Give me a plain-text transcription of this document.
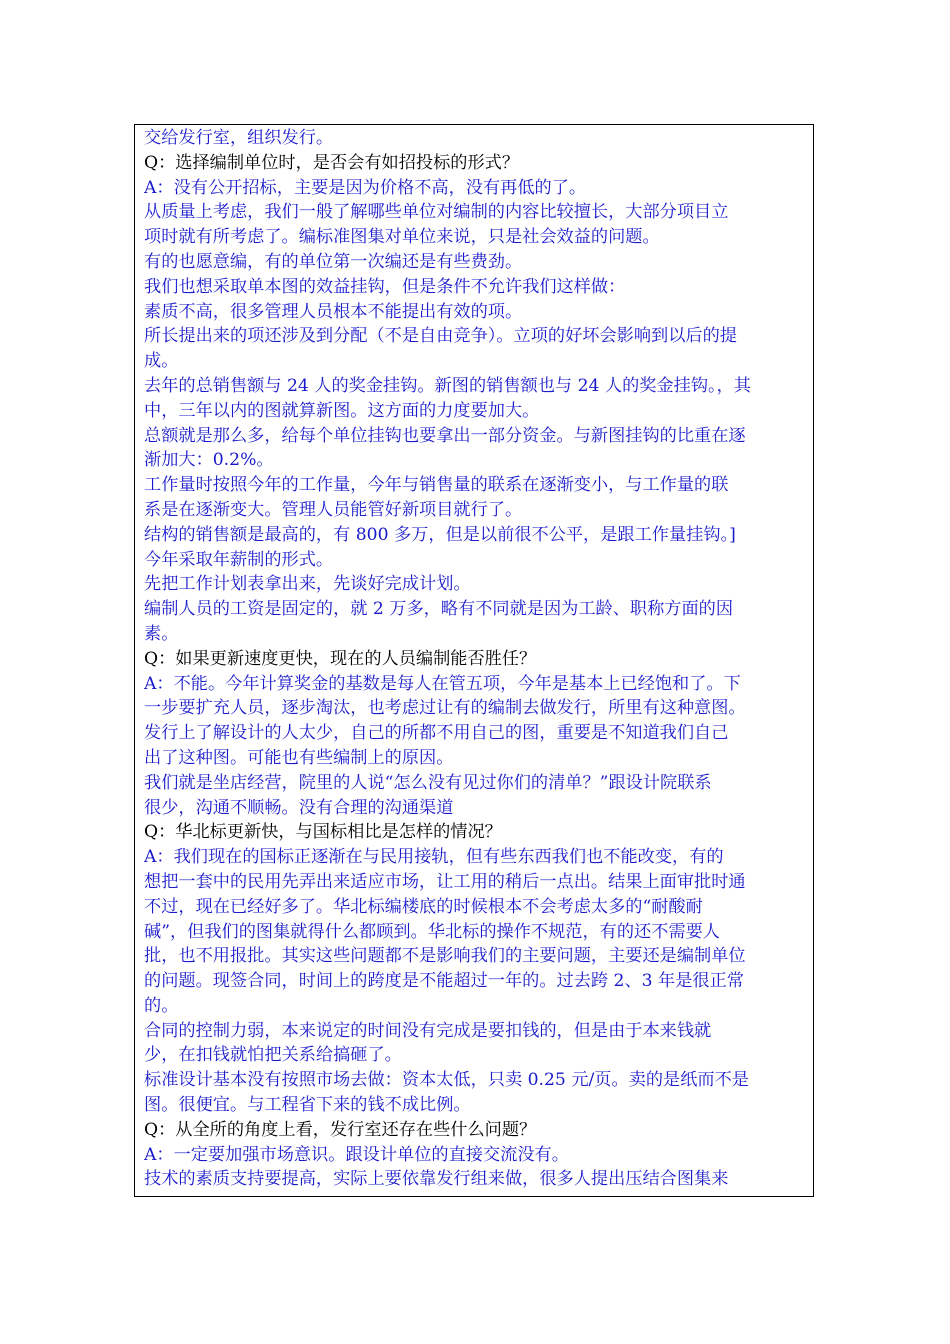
交给发行室，组织发行。
Q：选择编制单位时，是否会有如招投标的形式？
A：没有公开招标，主要是因为价格不高，没有再低的了。
从质量上考虑，我们一般了解哪些单位对编制的内容比较擅长，大部分项目立
项时就有所考虑了。编标准图集对单位来说，只是社会效益的问题。
有的也愿意编，有的单位第一次编还是有些费劲。
我们也想采取单本图的效益挂钩，但是条件不允许我们这样做：
素质不高，很多管理人员根本不能提出有效的项。
所长提出来的项还涉及到分配（不是自由竞争）。立项的好坏会影响到以后的提
成。
去年的总销售额与 24 人的奖金挂钩。新图的销售额也与 24 人的奖金挂钩。，其
中，三年以内的图就算新图。这方面的力度要加大。
总额就是那么多，给每个单位挂钩也要拿出一部分资金。与新图挂钩的比重在逐
渐加大：0.2%。
工作量时按照今年的工作量，今年与销售量的联系在逐渐变小，与工作量的联
系是在逐渐变大。管理人员能管好新项目就行了。
结构的销售额是最高的，有 800 多万，但是以前很不公平，是跟工作量挂钩。]
今年采取年薪制的形式。
先把工作计划表拿出来，先谈好完成计划。
编制人员的工资是固定的，就 2 万多，略有不同就是因为工龄、职称方面的因
素。
Q：如果更新速度更快，现在的人员编制能否胜任？
A：不能。今年计算奖金的基数是每人在管五项，今年是基本上已经饱和了。下
一步要扩充人员，逐步淘汰，也考虑过让有的编制去做发行，所里有这种意图。
发行上了解设计的人太少，自己的所都不用自己的图，重要是不知道我们自己
出了这种图。可能也有些编制上的原因。
我们就是坐店经营，院里的人说“怎么没有见过你们的清单？”跟设计院联系
很少，沟通不顺畅。没有合理的沟通渠道
Q：华北标更新快，与国标相比是怎样的情况？
A：我们现在的国标正逐渐在与民用接轨，但有些东西我们也不能改变，有的
想把一套中的民用先弄出来适应市场，让工用的稍后一点出。结果上面审批时通
不过，现在已经好多了。华北标编楼底的时候根本不会考虑太多的“耐酸耐
碱”，但我们的图集就得什么都顾到。华北标的操作不规范，有的还不需要人
批，也不用报批。其实这些问题都不是影响我们的主要问题，主要还是编制单位
的问题。现签合同，时间上的跨度是不能超过一年的。过去跨 2、3 年是很正常
的。
合同的控制力弱，本来说定的时间没有完成是要扣钱的，但是由于本来钱就
少，在扣钱就怕把关系给搞砸了。
标准设计基本没有按照市场去做：资本太低，只卖 0.25 元/页。卖的是纸而不是
图。很便宜。与工程省下来的钱不成比例。
Q：从全所的角度上看，发行室还存在些什么问题？
A：一定要加强市场意识。跟设计单位的直接交流没有。
技术的素质支持要提高，实际上要依靠发行组来做，很多人提出压结合图集来
